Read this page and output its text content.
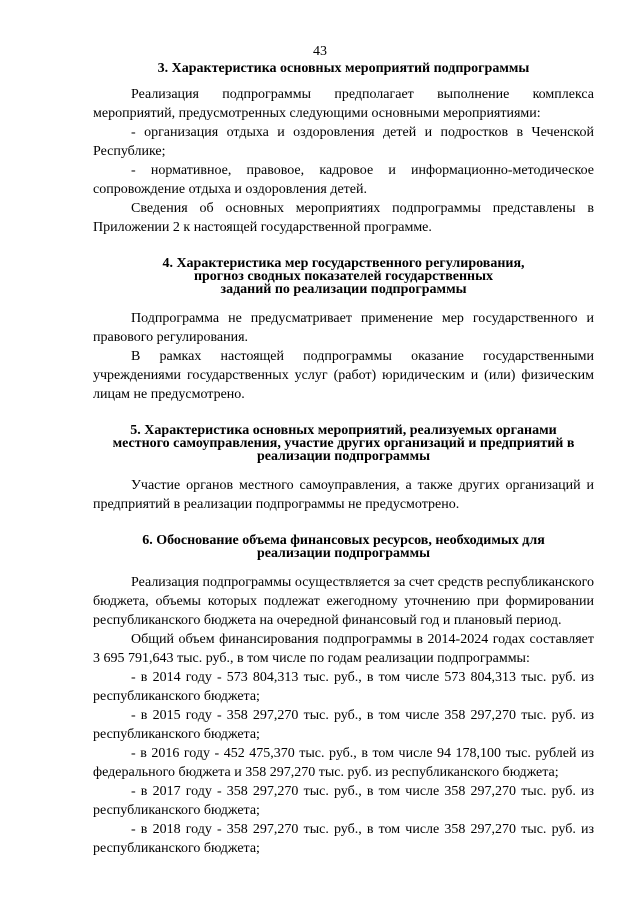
43
3. Характеристика основных мероприятий подпрограммы

Реализация подпрограммы предполагает выполнение комплекса мероприятий, предусмотренных следующими основными мероприятиями:

- организация отдыха и оздоровления детей и подростков в Чеченской Республике;

- нормативное, правовое, кадровое и информационно-методическое сопровождение отдыха и оздоровления детей.

Сведения об основных мероприятиях подпрограммы представлены в Приложении 2 к настоящей государственной программе.

4. Характеристика мер государственного регулирования,
прогноз сводных показателей государственных
заданий по реализации подпрограммы

Подпрограмма не предусматривает применение мер государственного и правового регулирования.

В рамках настоящей подпрограммы оказание государственными учреждениями государственных услуг (работ) юридическим и (или) физическим лицам не предусмотрено.

5. Характеристика основных мероприятий, реализуемых органами
местного самоуправления, участие других организаций и предприятий в
реализации подпрограммы

Участие органов местного самоуправления, а также других организаций и предприятий в реализации подпрограммы не предусмотрено.

6. Обоснование объема финансовых ресурсов, необходимых для
реализации подпрограммы

Реализация подпрограммы осуществляется за счет средств республиканского бюджета, объемы которых подлежат ежегодному уточнению при формировании республиканского бюджета на очередной финансовый год и плановый период.

Общий объем финансирования подпрограммы в 2014-2024 годах составляет 3 695 791,643 тыс. руб., в том числе по годам реализации подпрограммы:

- в 2014 году - 573 804,313 тыс. руб., в том числе 573 804,313 тыс. руб. из республиканского бюджета;

- в 2015 году - 358 297,270 тыс. руб., в том числе 358 297,270 тыс. руб. из республиканского бюджета;

- в 2016 году - 452 475,370 тыс. руб., в том числе 94 178,100 тыс. рублей из федерального бюджета и 358 297,270 тыс. руб. из республиканского бюджета;

- в 2017 году - 358 297,270 тыс. руб., в том числе 358 297,270 тыс. руб. из республиканского бюджета;

- в 2018 году - 358 297,270 тыс. руб., в том числе 358 297,270 тыс. руб. из республиканского бюджета;
